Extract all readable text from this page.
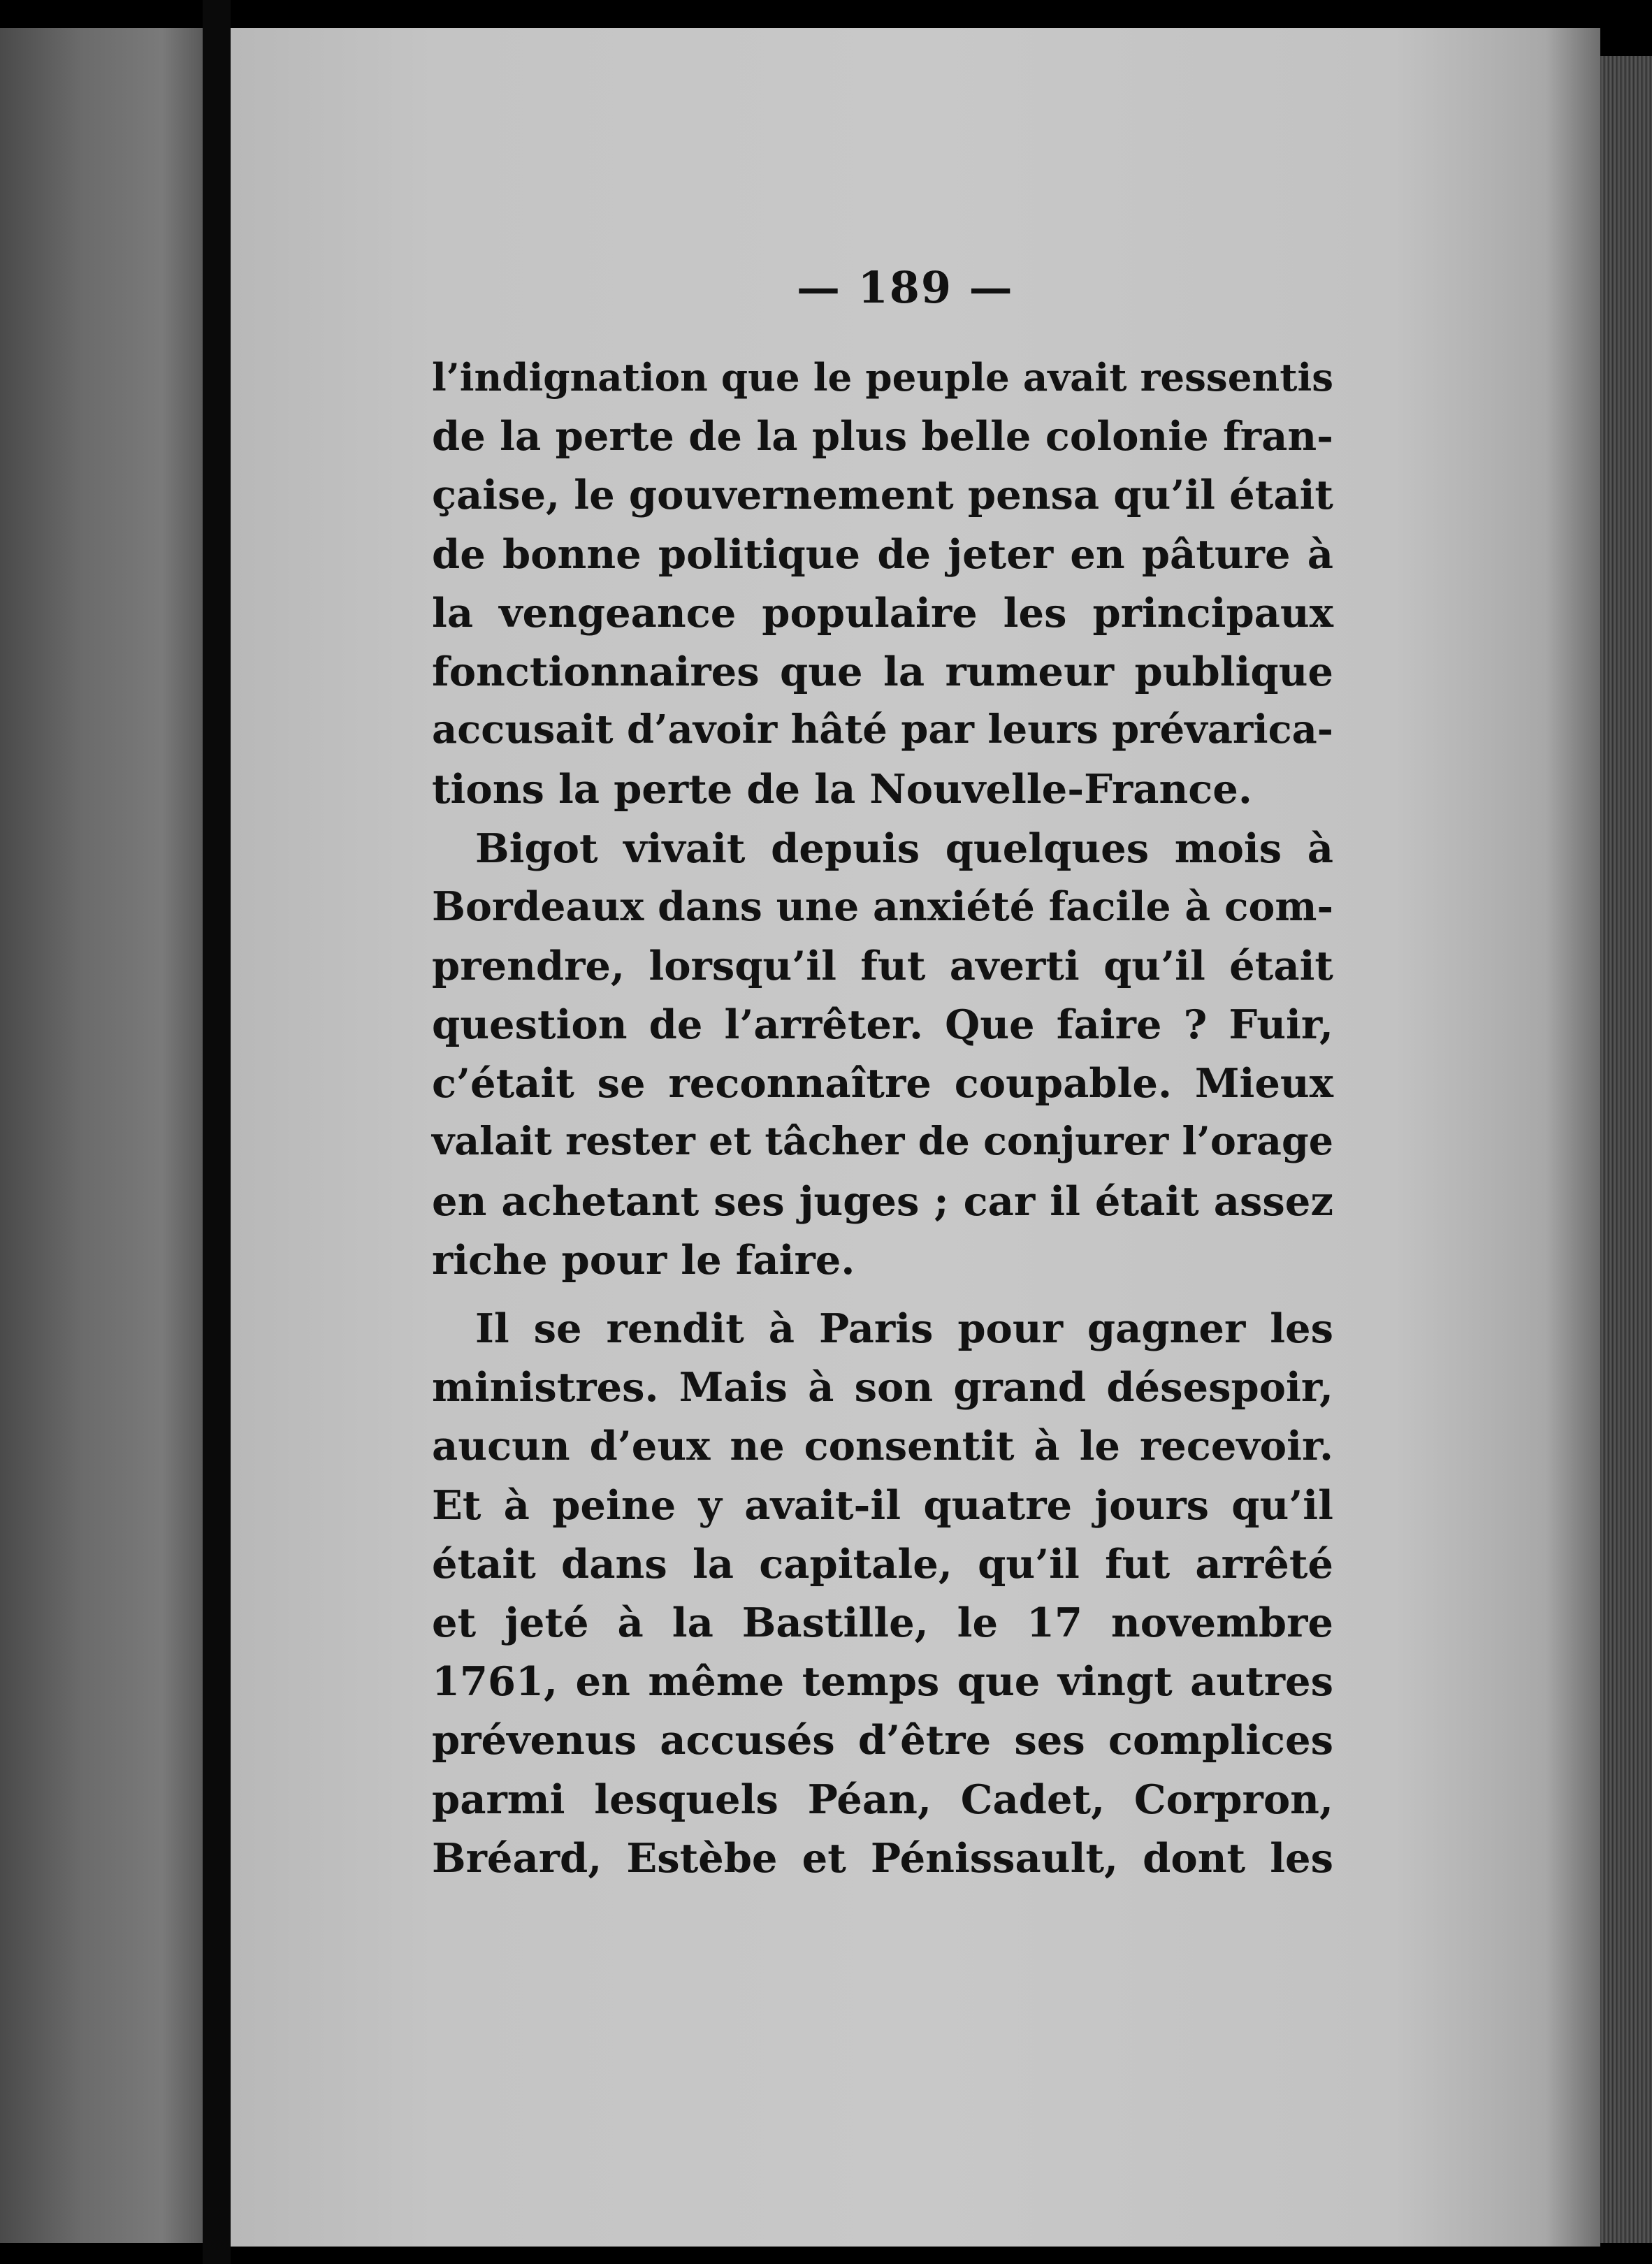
— 189 —
l’indignation que le peuple avait ressentis
de la perte de la plus belle colonie fran-
çaise, le gouvernement pensa qu’il était
de bonne politique de jeter en pâture à
la vengeance populaire les principaux
fonctionnaires que la rumeur publique
accusait d’avoir hâté par leurs prévarica-
tions la perte de la Nouvelle-France.
Bigot vivait depuis quelques mois à
Bordeaux dans une anxiété facile à com-
prendre, lorsqu’il fut averti qu’il était
question de l’arrêter. Que faire ? Fuir,
c’était se reconnaître coupable. Mieux
valait rester et tâcher de conjurer l’orage
en achetant ses juges ; car il était assez
riche pour le faire.
Il se rendit à Paris pour gagner les
ministres. Mais à son grand désespoir,
aucun d’eux ne consentit à le recevoir.
Et à peine y avait-il quatre jours qu’il
était dans la capitale, qu’il fut arrêté
et jeté à la Bastille, le 17 novembre
1761, en même temps que vingt autres
prévenus accusés d’être ses complices
parmi lesquels Péan, Cadet, Corpron,
Bréard, Estèbe et Pénissault, dont les
